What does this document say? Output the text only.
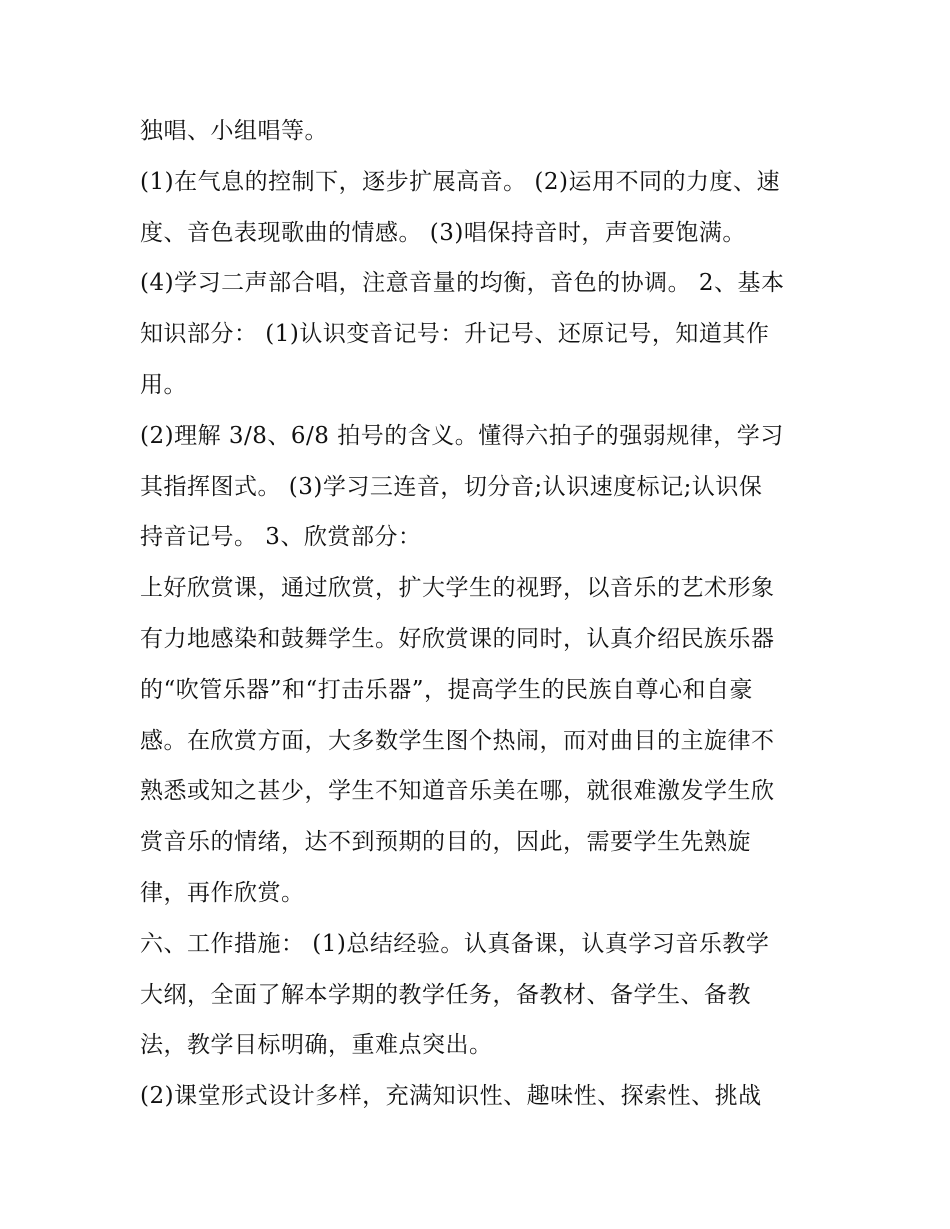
独唱、小组唱等。
(1)在气息的控制下，逐步扩展高音。 (2)运用不同的力度、速
度、音色表现歌曲的情感。 (3)唱保持音时，声音要饱满。
(4)学习二声部合唱，注意音量的均衡，音色的协调。 2、基本
知识部分： (1)认识变音记号：升记号、还原记号，知道其作
用。
(2)理解 3/8、6/8 拍号的含义。懂得六拍子的强弱规律，学习
其指挥图式。 (3)学习三连音，切分音;认识速度标记;认识保
持音记号。 3、欣赏部分：
上好欣赏课，通过欣赏，扩大学生的视野，以音乐的艺术形象
有力地感染和鼓舞学生。好欣赏课的同时，认真介绍民族乐器
的“吹管乐器”和“打击乐器”，提高学生的民族自尊心和自豪
感。在欣赏方面，大多数学生图个热闹，而对曲目的主旋律不
熟悉或知之甚少，学生不知道音乐美在哪，就很难激发学生欣
赏音乐的情绪，达不到预期的目的，因此，需要学生先熟旋
律，再作欣赏。
六、工作措施： (1)总结经验。认真备课，认真学习音乐教学
大纲，全面了解本学期的教学任务，备教材、备学生、备教
法，教学目标明确，重难点突出。
(2)课堂形式设计多样，充满知识性、趣味性、探索性、挑战
